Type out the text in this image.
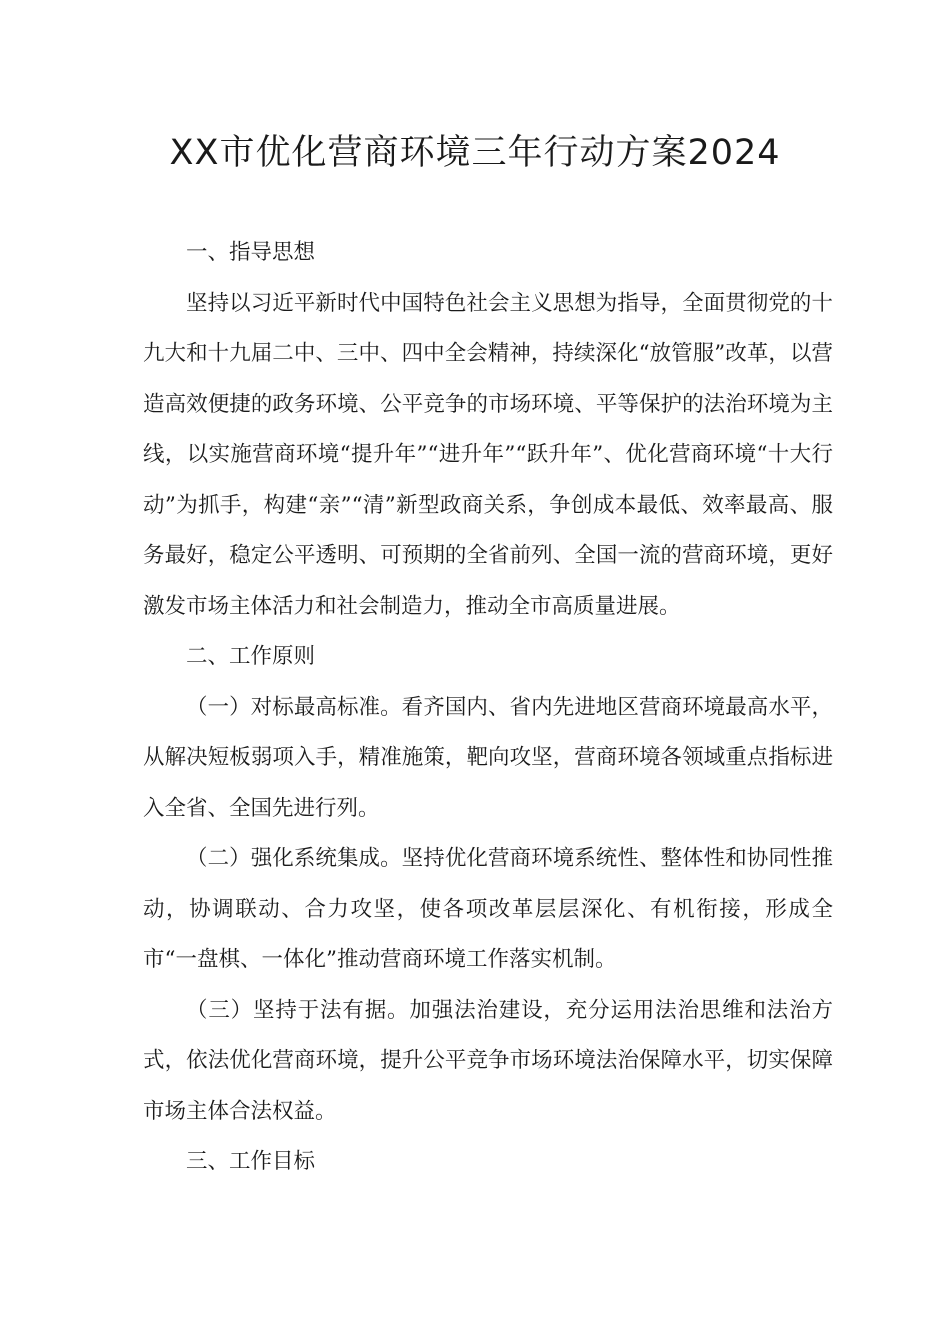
XX市优化营商环境三年行动方案2024

一、指导思想

坚持以习近平新时代中国特色社会主义思想为指导，全面贯彻党的十九大和十九届二中、三中、四中全会精神，持续深化“放管服”改革，以营造高效便捷的政务环境、公平竞争的市场环境、平等保护的法治环境为主线，以实施营商环境“提升年”“进升年”“跃升年”、优化营商环境“十大行动”为抓手，构建“亲”“清”新型政商关系，争创成本最低、效率最高、服务最好，稳定公平透明、可预期的全省前列、全国一流的营商环境，更好激发市场主体活力和社会制造力，推动全市高质量进展。

二、工作原则

（一）对标最高标准。看齐国内、省内先进地区营商环境最高水平，从解决短板弱项入手，精准施策，靶向攻坚，营商环境各领域重点指标进入全省、全国先进行列。

（二）强化系统集成。坚持优化营商环境系统性、整体性和协同性推动，协调联动、合力攻坚，使各项改革层层深化、有机衔接，形成全市“一盘棋、一体化”推动营商环境工作落实机制。

（三）坚持于法有据。加强法治建设，充分运用法治思维和法治方式，依法优化营商环境，提升公平竞争市场环境法治保障水平，切实保障市场主体合法权益。

三、工作目标
